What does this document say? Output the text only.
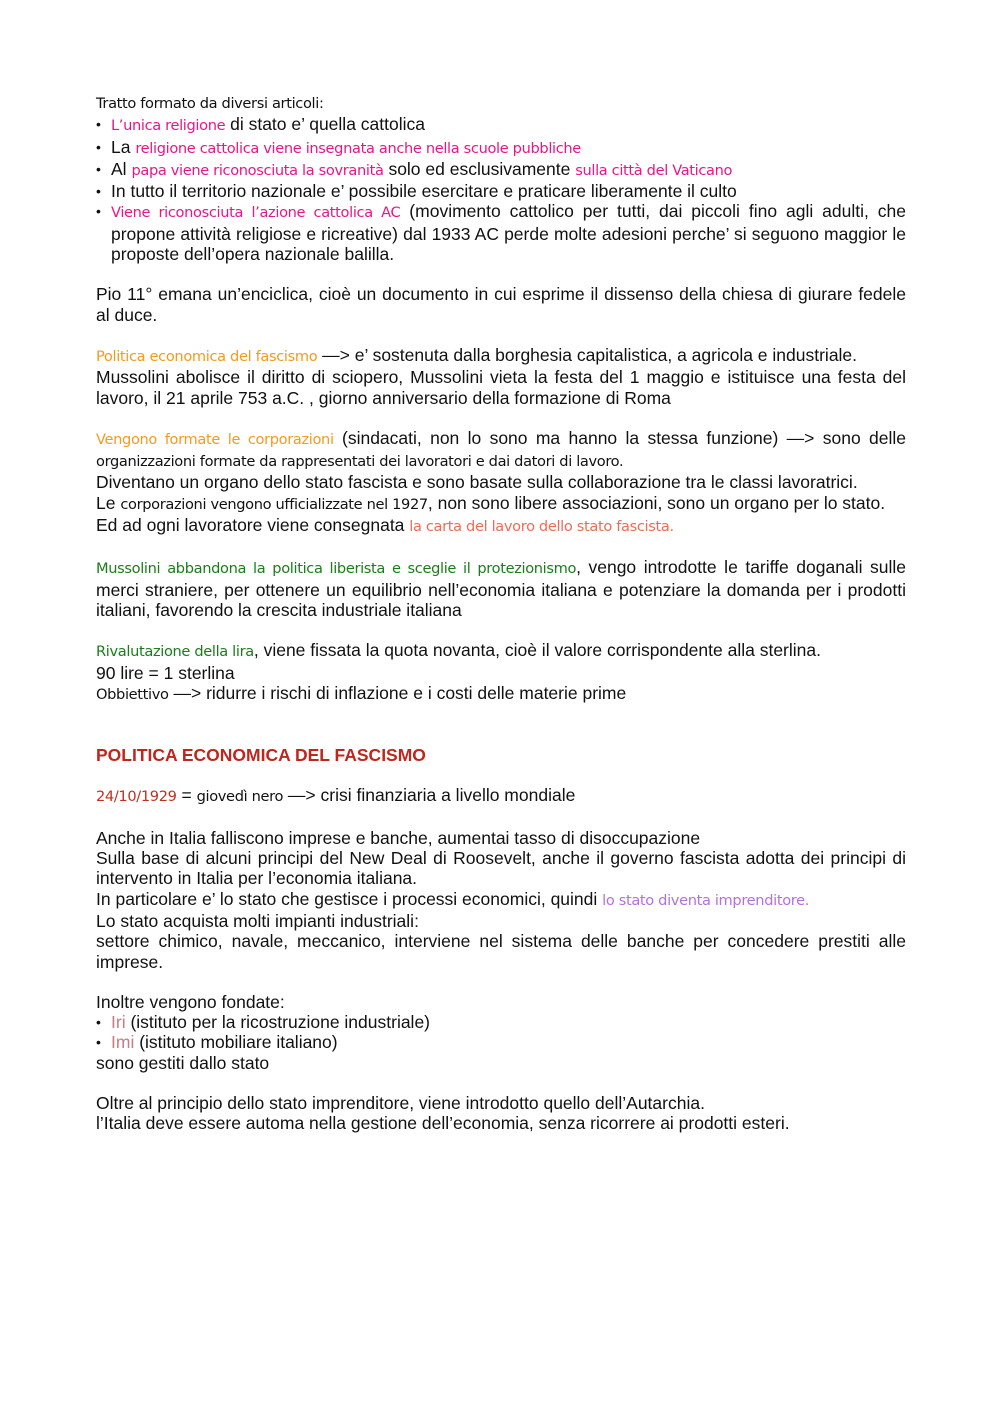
Tratto formato da diversi articoli:

• L’unica religione di stato e’ quella cattolica
• La religione cattolica viene insegnata anche nella scuole pubbliche
• Al papa viene riconosciuta la sovranità solo ed esclusivamente sulla città del Vaticano
• In tutto il territorio nazionale e’ possibile esercitare e praticare liberamente il culto
• Viene riconosciuta l’azione cattolica AC (movimento cattolico per tutti, dai piccoli fino agli adulti, che propone attività religiose e ricreative) dal 1933 AC perde molte adesioni perche’ si seguono maggior le proposte dell’opera nazionale balilla.

Pio 11° emana un’enciclica, cioè un documento in cui esprime il dissenso della chiesa di giurare fedele al duce.

Politica economica del fascismo —> e’ sostenuta dalla borghesia capitalistica, a agricola e industriale.

Mussolini abolisce il diritto di sciopero, Mussolini vieta la festa del 1 maggio e istituisce una festa del lavoro, il 21 aprile 753 a.C. , giorno anniversario della formazione di Roma

Vengono formate le corporazioni (sindacati, non lo sono ma hanno la stessa funzione) —> sono delle organizzazioni formate da rappresentati dei lavoratori e dai datori di lavoro.

Diventano un organo dello stato fascista e sono basate sulla collaborazione tra le classi lavoratrici.

Le corporazioni vengono ufficializzate nel 1927, non sono libere associazioni, sono un organo per lo stato.

Ed ad ogni lavoratore viene consegnata la carta del lavoro dello stato fascista.

Mussolini abbandona la politica liberista e sceglie il protezionismo, vengo introdotte le tariffe doganali sulle merci straniere, per ottenere un equilibrio nell’economia italiana e potenziare la domanda per i prodotti italiani, favorendo la crescita industriale italiana

Rivalutazione della lira, viene fissata la quota novanta, cioè il valore corrispondente alla sterlina.

90 lire = 1 sterlina

Obbiettivo —> ridurre i rischi di inflazione e i costi delle materie prime

POLITICA ECONOMICA DEL FASCISMO

24/10/1929 = giovedì nero —> crisi finanziaria a livello mondiale

Anche in Italia falliscono imprese e banche, aumentai tasso di disoccupazione

Sulla base di alcuni principi del New Deal di Roosevelt, anche il governo fascista adotta dei principi di intervento in Italia per l’economia italiana.

In particolare e’ lo stato che gestisce i processi economici, quindi lo stato diventa imprenditore.

Lo stato acquista molti impianti industriali:

settore chimico, navale, meccanico, interviene nel sistema delle banche per concedere prestiti alle imprese.

Inoltre vengono fondate:

• Iri (istituto per la ricostruzione industriale)
• Imi (istituto mobiliare italiano)

sono gestiti dallo stato

Oltre al principio dello stato imprenditore, viene introdotto quello dell’Autarchia.

l’Italia deve essere automa nella gestione dell’economia, senza ricorrere ai prodotti esteri.
